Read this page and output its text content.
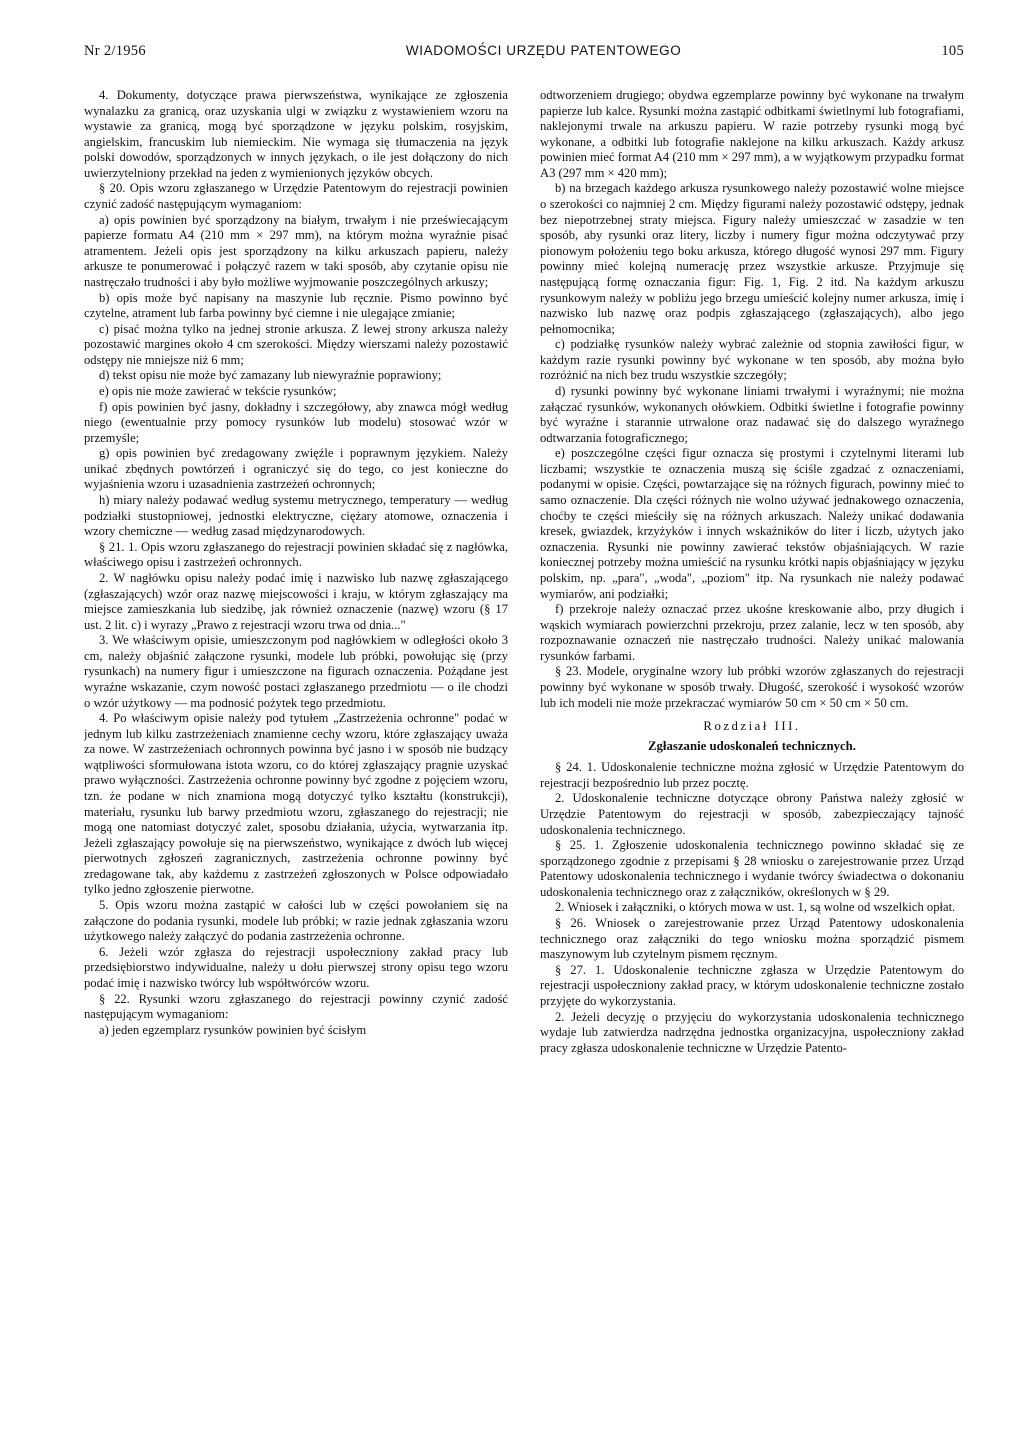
Nr 2/1956	WIADOMOŚCI URZĘDU PATENTOWEGO	105

4. Dokumenty, dotyczące prawa pierwszeństwa, wynikające ze zgłoszenia wynalazku za granicą, oraz uzyskania ulgi w związku z wystawieniem wzoru na wystawie za granicą, mogą być sporządzone w języku polskim, rosyjskim, angielskim, francuskim lub niemieckim. Nie wymaga się tłumaczenia na język polski dowodów, sporządzonych w innych językach, o ile jest dołączony do nich uwierzytelniony przekład na jeden z wymienionych języków obcych.

§ 20. Opis wzoru zgłaszanego w Urzędzie Patentowym do rejestracji powinien czynić zadość następującym wymaganiom:

a) opis powinien być sporządzony na białym, trwałym i nie przeświecającym papierze formatu A4 (210 mm × 297 mm), na którym można wyraźnie pisać atramentem. Jeżeli opis jest sporządzony na kilku arkuszach papieru, należy arkusze te ponumerować i połączyć razem w taki sposób, aby czytanie opisu nie nastręczało trudności i aby było możliwe wyjmowanie poszczególnych arkuszy;

b) opis może być napisany na maszynie lub ręcznie. Pismo powinno być czytelne, atrament lub farba powinny być ciemne i nie ulegające zmianie;

c) pisać można tylko na jednej stronie arkusza. Z lewej strony arkusza należy pozostawić margines około 4 cm szerokości. Między wierszami należy pozostawić odstępy nie mniejsze niż 6 mm;

d) tekst opisu nie może być zamazany lub niewyraźnie poprawiony;

e) opis nie może zawierać w tekście rysunków;

f) opis powinien być jasny, dokładny i szczegółowy, aby znawca mógł według niego (ewentualnie przy pomocy rysunków lub modelu) stosować wzór w przemyśle;

g) opis powinien być zredagowany zwięźle i poprawnym językiem. Należy unikać zbędnych powtórzeń i ograniczyć się do tego, co jest konieczne do wyjaśnienia wzoru i uzasadnienia zastrzeżeń ochronnych;

h) miary należy podawać według systemu metrycznego, temperatury — według podziałki stustopniowej, jednostki elektryczne, ciężary atomowe, oznaczenia i wzory chemiczne — według zasad międzynarodowych.

§ 21. 1. Opis wzoru zgłaszanego do rejestracji powinien składać się z nagłówka, właściwego opisu i zastrzeżeń ochronnych.

2. W nagłówku opisu należy podać imię i nazwisko lub nazwę zgłaszającego (zgłaszających) wzór oraz nazwę miejscowości i kraju, w którym zgłaszający ma miejsce zamieszkania lub siedzibę, jak również oznaczenie (nazwę) wzoru (§ 17 ust. 2 lit. c) i wyrazy „Prawo z rejestracji wzoru trwa od dnia..."

3. We właściwym opisie, umieszczonym pod nagłówkiem w odległości około 3 cm, należy objaśnić załączone rysunki, modele lub próbki, powołując się (przy rysunkach) na numery figur i umieszczone na figurach oznaczenia. Pożądane jest wyraźne wskazanie, czym nowość postaci zgłaszanego przedmiotu — o ile chodzi o wzór użytkowy — ma podnosić pożytek tego przedmiotu.

4. Po właściwym opisie należy pod tytułem „Zastrzeżenia ochronne" podać w jednym lub kilku zastrzeżeniach znamienne cechy wzoru, które zgłaszający uważa za nowe. W zastrzeżeniach ochronnych powinna być jasno i w sposób nie budzący wątpliwości sformułowana istota wzoru, co do której zgłaszający pragnie uzyskać prawo wyłączności. Zastrzeżenia ochronne powinny być zgodne z pojęciem wzoru, tzn. że podane w nich znamiona mogą dotyczyć tylko kształtu (konstrukcji), materiału, rysunku lub barwy przedmiotu wzoru, zgłaszanego do rejestracji; nie mogą one natomiast dotyczyć zalet, sposobu działania, użycia, wytwarzania itp. Jeżeli zgłaszający powołuje się na pierwszeństwo, wynikające z dwóch lub więcej pierwotnych zgłoszeń zagranicznych, zastrzeżenia ochronne powinny być zredagowane tak, aby każdemu z zastrzeżeń zgłoszonych w Polsce odpowiadało tylko jedno zgłoszenie pierwotne.

5. Opis wzoru można zastąpić w całości lub w części powołaniem się na załączone do podania rysunki, modele lub próbki; w razie jednak zgłaszania wzoru użytkowego należy załączyć do podania zastrzeżenia ochronne.

6. Jeżeli wzór zgłasza do rejestracji uspołeczniony zakład pracy lub przedsiębiorstwo indywidualne, należy u dołu pierwszej strony opisu tego wzoru podać imię i nazwisko twórcy lub współtwórców wzoru.

§ 22. Rysunki wzoru zgłaszanego do rejestracji powinny czynić zadość następującym wymaganiom:

a) jeden egzemplarz rysunków powinien być ścisłym

odtworzeniem drugiego; obydwa egzemplarze powinny być wykonane na trwałym papierze lub kalce. Rysunki można zastąpić odbitkami świetlnymi lub fotografiami, naklejonymi trwale na arkuszu papieru. W razie potrzeby rysunki mogą być wykonane, a odbitki lub fotografie naklejone na kilku arkuszach. Każdy arkusz powinien mieć format A4 (210 mm × 297 mm), a w wyjątkowym przypadku format A3 (297 mm × 420 mm);

b) na brzegach każdego arkusza rysunkowego należy pozostawić wolne miejsce o szerokości co najmniej 2 cm. Między figurami należy pozostawić odstępy, jednak bez niepotrzebnej straty miejsca. Figury należy umieszczać w zasadzie w ten sposób, aby rysunki oraz litery, liczby i numery figur można odczytywać przy pionowym położeniu tego boku arkusza, którego długość wynosi 297 mm. Figury powinny mieć kolejną numerację przez wszystkie arkusze. Przyjmuje się następującą formę oznaczania figur: Fig. 1, Fig. 2 itd. Na każdym arkuszu rysunkowym należy w pobliżu jego brzegu umieścić kolejny numer arkusza, imię i nazwisko lub nazwę oraz podpis zgłaszającego (zgłaszających), albo jego pełnomocnika;

c) podziałkę rysunków należy wybrać zależnie od stopnia zawiłości figur, w każdym razie rysunki powinny być wykonane w ten sposób, aby można było rozróżnić na nich bez trudu wszystkie szczegóły;

d) rysunki powinny być wykonane liniami trwałymi i wyraźnymi; nie można załączać rysunków, wykonanych ołówkiem. Odbitki świetlne i fotografie powinny być wyraźne i starannie utrwalone oraz nadawać się do dalszego wyraźnego odtwarzania fotograficznego;

e) poszczególne części figur oznacza się prostymi i czytelnymi literami lub liczbami; wszystkie te oznaczenia muszą się ściśle zgadzać z oznaczeniami, podanymi w opisie. Części, powtarzające się na różnych figurach, powinny mieć to samo oznaczenie. Dla części różnych nie wolno używać jednakowego oznaczenia, choćby te części mieściły się na różnych arkuszach. Należy unikać dodawania kresek, gwiazdek, krzyżyków i innych wskaźników do liter i liczb, użytych jako oznaczenia. Rysunki nie powinny zawierać tekstów objaśniających. W razie koniecznej potrzeby można umieścić na rysunku krótki napis objaśniający w języku polskim, np. „para", „woda", „poziom" itp. Na rysunkach nie należy podawać wymiarów, ani podziałki;

f) przekroje należy oznaczać przez ukośne kreskowanie albo, przy długich i wąskich wymiarach powierzchni przekroju, przez zalanie, lecz w ten sposób, aby rozpoznawanie oznaczeń nie nastręczało trudności. Należy unikać malowania rysunków farbami.

§ 23. Modele, oryginalne wzory lub próbki wzorów zgłaszanych do rejestracji powinny być wykonane w sposób trwały. Długość, szerokość i wysokość wzorów lub ich modeli nie może przekraczać wymiarów 50 cm × 50 cm × 50 cm.

Rozdział III.
Zgłaszanie udoskonaleń technicznych.

§ 24. 1. Udoskonalenie techniczne można zgłosić w Urzędzie Patentowym do rejestracji bezpośrednio lub przez pocztę.

2. Udoskonalenie techniczne dotyczące obrony Państwa należy zgłosić w Urzędzie Patentowym do rejestracji w sposób, zabezpieczający tajność udoskonalenia technicznego.

§ 25. 1. Zgłoszenie udoskonalenia technicznego powinno składać się ze sporządzonego zgodnie z przepisami § 28 wniosku o zarejestrowanie przez Urząd Patentowy udoskonalenia technicznego i wydanie twórcy świadectwa o dokonaniu udoskonalenia technicznego oraz z załączników, określonych w § 29.

2. Wniosek i załączniki, o których mowa w ust. 1, są wolne od wszelkich opłat.

§ 26. Wniosek o zarejestrowanie przez Urząd Patentowy udoskonalenia technicznego oraz załączniki do tego wniosku można sporządzić pismem maszynowym lub czytelnym pismem ręcznym.

§ 27. 1. Udoskonalenie techniczne zgłasza w Urzędzie Patentowym do rejestracji uspołeczniony zakład pracy, w którym udoskonalenie techniczne zostało przyjęte do wykorzystania.

2. Jeżeli decyzję o przyjęciu do wykorzystania udoskonalenia technicznego wydaje lub zatwierdza nadrzędna jednostka organizacyjna, uspołeczniony zakład pracy zgłasza udoskonalenie techniczne w Urzędzie Patento-
